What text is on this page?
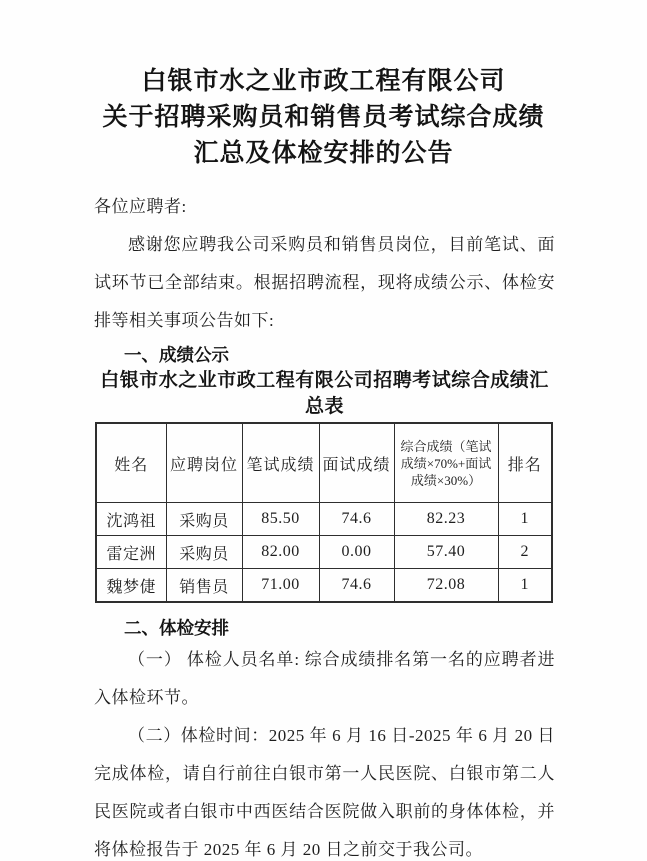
白银市水之业市政工程有限公司
关于招聘采购员和销售员考试综合成绩
汇总及体检安排的公告

各位应聘者:

感谢您应聘我公司采购员和销售员岗位，目前笔试、面试环节已全部结束。根据招聘流程，现将成绩公示、体检安排等相关事项公告如下:

一、成绩公示
白银市水之业市政工程有限公司招聘考试综合成绩汇总表
姓名	应聘岗位	笔试成绩	面试成绩	综合成绩（笔试成绩×70%+面试成绩×30%）	排名
沈鸿祖	采购员	85.50	74.6	82.23	1
雷定洲	采购员	82.00	0.00	57.40	2
魏梦倢	销售员	71.00	74.6	72.08	1
二、体检安排

（一） 体检人员名单: 综合成绩排名第一名的应聘者进入体检环节。

（二）体检时间：2025 年 6 月 16 日-2025 年 6 月 20 日完成体检，请自行前往白银市第一人民医院、白银市第二人民医院或者白银市中西医结合医院做入职前的身体体检，并将体检报告于 2025 年 6 月 20 日之前交于我公司。
